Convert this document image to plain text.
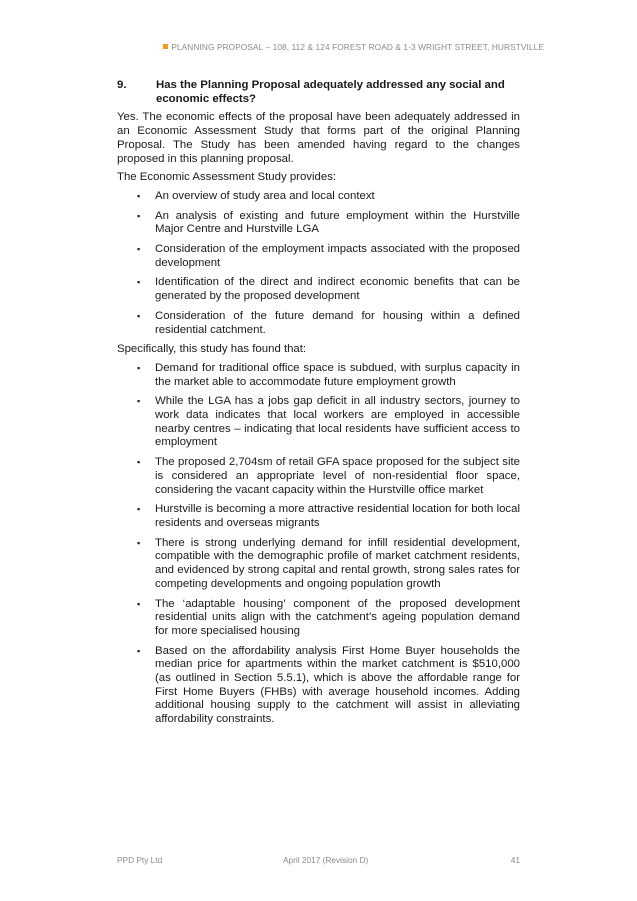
PLANNING PROPOSAL – 108, 112 & 124 FOREST ROAD & 1-3 WRIGHT STREET, HURSTVILLE
9.	Has the Planning Proposal adequately addressed any social and economic effects?

Yes. The economic effects of the proposal have been adequately addressed in an Economic Assessment Study that forms part of the original Planning Proposal. The Study has been amended having regard to the changes proposed in this planning proposal.

The Economic Assessment Study provides:

▪ An overview of study area and local context
▪ An analysis of existing and future employment within the Hurstville Major Centre and Hurstville LGA
▪ Consideration of the employment impacts associated with the proposed development
▪ Identification of the direct and indirect economic benefits that can be generated by the proposed development
▪ Consideration of the future demand for housing within a defined residential catchment.

Specifically, this study has found that:

▪ Demand for traditional office space is subdued, with surplus capacity in the market able to accommodate future employment growth
▪ While the LGA has a jobs gap deficit in all industry sectors, journey to work data indicates that local workers are employed in accessible nearby centres – indicating that local residents have sufficient access to employment
▪ The proposed 2,704sm of retail GFA space proposed for the subject site is considered an appropriate level of non-residential floor space, considering the vacant capacity within the Hurstville office market
▪ Hurstville is becoming a more attractive residential location for both local residents and overseas migrants
▪ There is strong underlying demand for infill residential development, compatible with the demographic profile of market catchment residents, and evidenced by strong capital and rental growth, strong sales rates for competing developments and ongoing population growth
▪ The ‘adaptable housing’ component of the proposed development residential units align with the catchment’s ageing population demand for more specialised housing
▪ Based on the affordability analysis First Home Buyer households the median price for apartments within the market catchment is $510,000 (as outlined in Section 5.5.1), which is above the affordable range for First Home Buyers (FHBs) with average household incomes. Adding additional housing supply to the catchment will assist in alleviating affordability constraints.
PPD Pty Ltd	April 2017 (Revision D)	41
